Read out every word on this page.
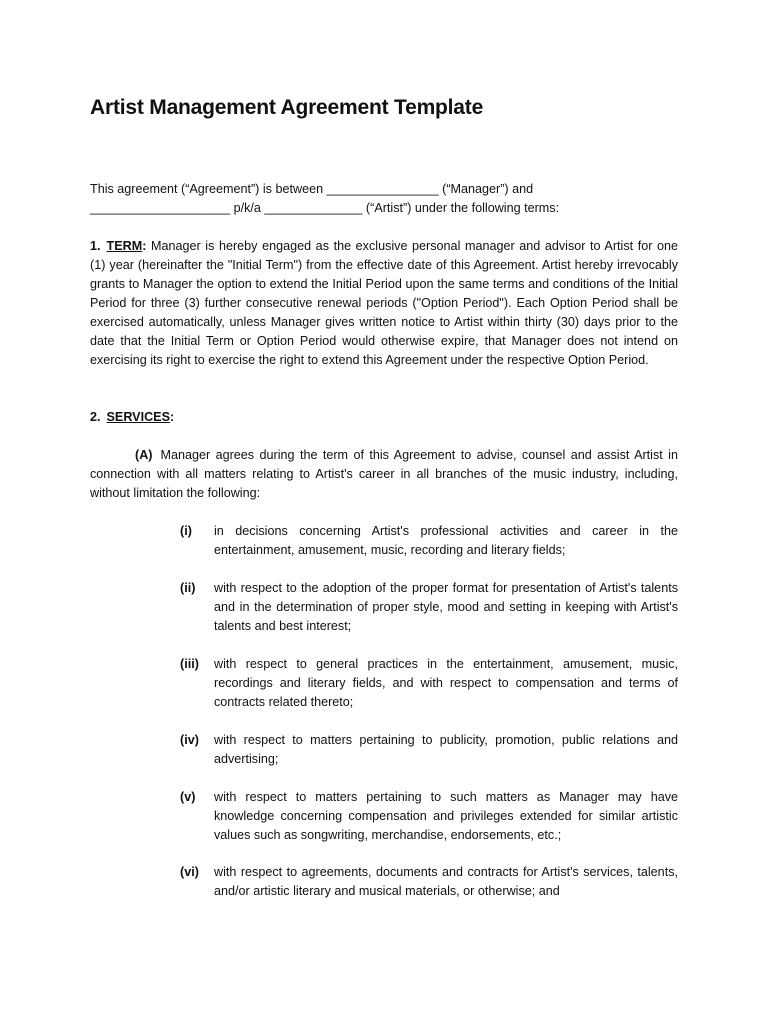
Artist Management Agreement Template
This agreement (“Agreement”) is between ________________ (“Manager”) and
____________________ p/k/a ______________ (“Artist”) under the following terms:
1. TERM: Manager is hereby engaged as the exclusive personal manager and advisor to Artist for one (1) year (hereinafter the "Initial Term") from the effective date of this Agreement. Artist hereby irrevocably grants to Manager the option to extend the Initial Period upon the same terms and conditions of the Initial Period for three (3) further consecutive renewal periods ("Option Period"). Each Option Period shall be exercised automatically, unless Manager gives written notice to Artist within thirty (30) days prior to the date that the Initial Term or Option Period would otherwise expire, that Manager does not intend on exercising its right to exercise the right to extend this Agreement under the respective Option Period.
2. SERVICES:
(A) Manager agrees during the term of this Agreement to advise, counsel and assist Artist in connection with all matters relating to Artist's career in all branches of the music industry, including, without limitation the following:
(i) in decisions concerning Artist's professional activities and career in the entertainment, amusement, music, recording and literary fields;
(ii) with respect to the adoption of the proper format for presentation of Artist's talents and in the determination of proper style, mood and setting in keeping with Artist's talents and best interest;
(iii) with respect to general practices in the entertainment, amusement, music, recordings and literary fields, and with respect to compensation and terms of contracts related thereto;
(iv) with respect to matters pertaining to publicity, promotion, public relations and advertising;
(v) with respect to matters pertaining to such matters as Manager may have knowledge concerning compensation and privileges extended for similar artistic values such as songwriting, merchandise, endorsements, etc.;
(vi) with respect to agreements, documents and contracts for Artist's services, talents, and/or artistic literary and musical materials, or otherwise; and
